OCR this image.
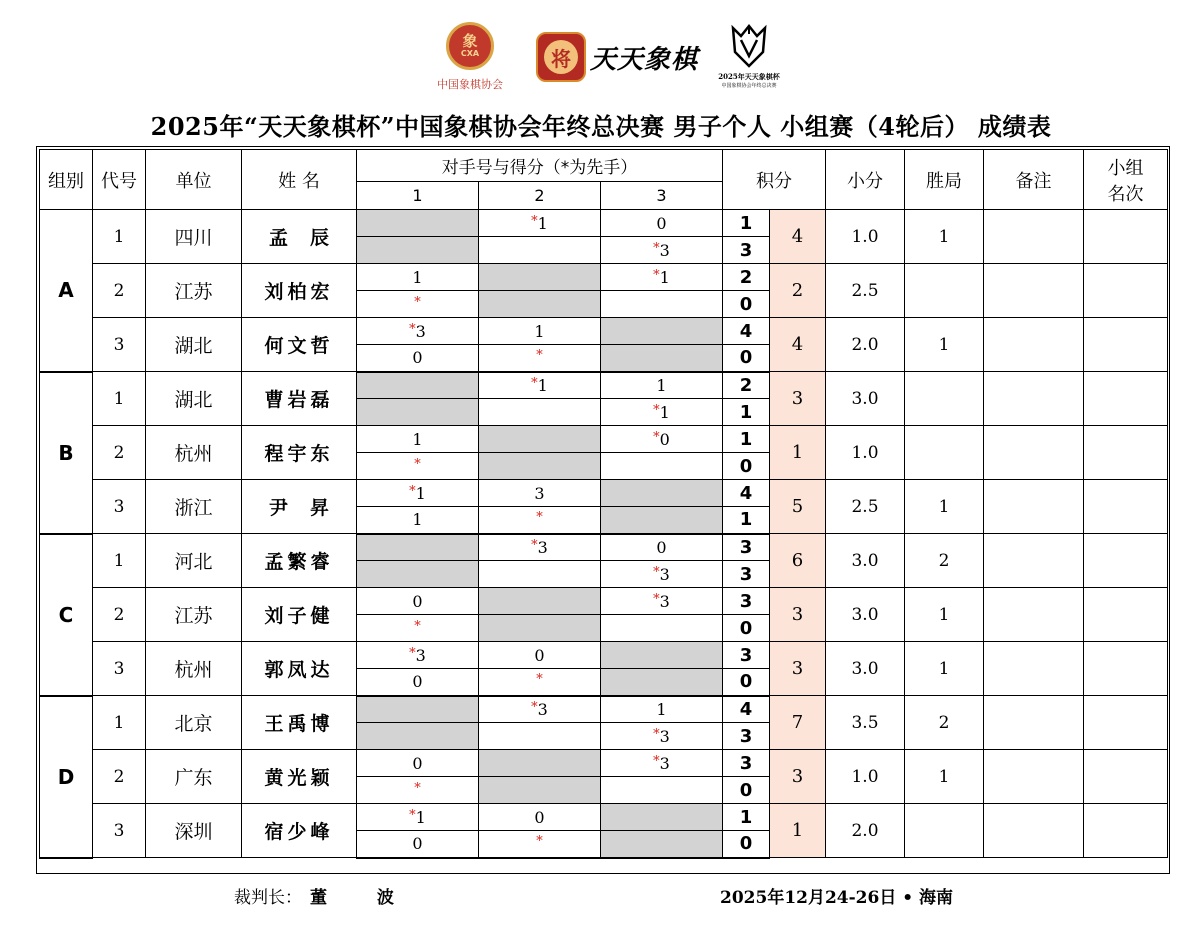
象
CXA
中国象棋协会
将 天天象棋
2025年天天象棋杯
中国象棋协会年终总决赛
2025年“天天象棋杯”中国象棋协会年终总决赛 男子个人 小组赛（4轮后） 成绩表
组别	代号	单位	姓 名	对手号与得分（*为先手）			积分		小分	胜局	备注	小组
名次

				1	2	3						
A	1	四川	孟辰		*1	0	1	4	1.0	1		
						*3	3					
	2	江苏	刘柏宏	1		*1	2	2	2.5			
				*			0					
	3	湖北	何文哲	*3	1		4	4	2.0	1		
				0	*		0					
B	1	湖北	曹岩磊		*1	1	2	3	3.0			
						*1	1					
	2	杭州	程宇东	1		*0	1	1	1.0			
				*			0					
	3	浙江	尹昇	*1	3		4	5	2.5	1		
				1	*		1					
C	1	河北	孟繁睿		*3	0	3	6	3.0	2		
						*3	3					
	2	江苏	刘子健	0		*3	3	3	3.0	1		
				*			0					
	3	杭州	郭凤达	*3	0		3	3	3.0	1		
				0	*		0					
D	1	北京	王禹博		*3	1	4	7	3.5	2		
						*3	3					
	2	广东	黄光颖	0		*3	3	3	1.0	1		
				*			0					
	3	深圳	宿少峰	*1	0		1	1	2.0			
				0	*		0					
裁判长： 董 波	2025年12月24-26日 • 海南
